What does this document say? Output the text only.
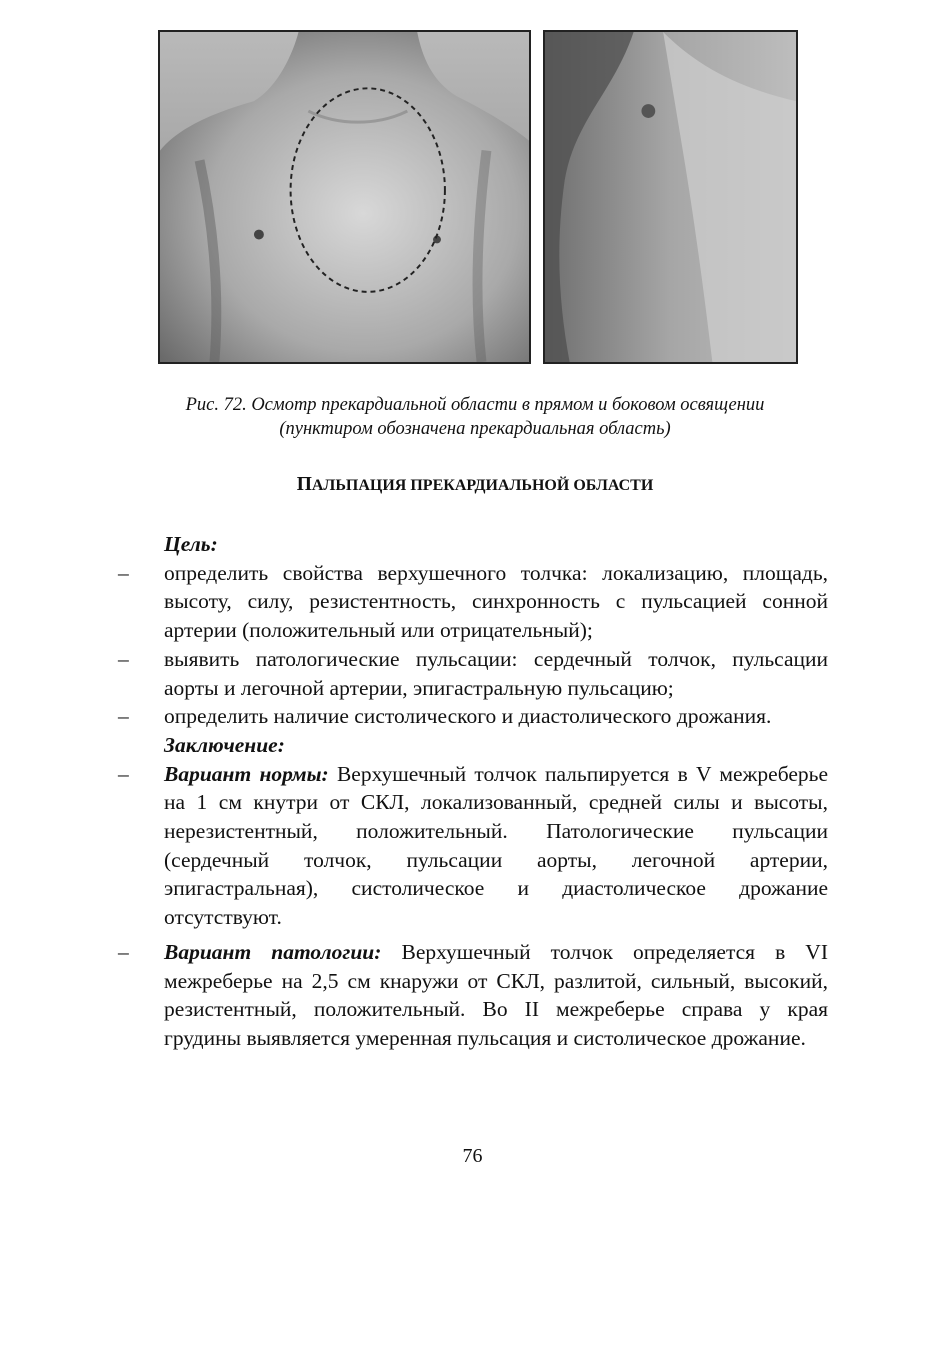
Рис. 72. Осмотр прекардиальной области в прямом и боковом освящении
(пунктиром обозначена прекардиальная область)
ПАЛЬПАЦИЯ ПРЕКАРДИАЛЬНОЙ ОБЛАСТИ
Цель:
– определить свойства верхушечного толчка: локализацию, площадь, высоту, силу, резистентность, синхронность с пульсацией сонной артерии (положительный или отрицательный);
– выявить патологические пульсации: сердечный толчок, пульсации аорты и легочной артерии, эпигастральную пульсацию;
– определить наличие систолического и диастолического дрожания.
Заключение:
– Вариант нормы: Верхушечный толчок пальпируется в V межреберье на 1 см кнутри от СКЛ, локализованный, средней силы и высоты, нерезистентный, положительный. Патологические пульсации (сердечный толчок, пульсации аорты, легочной артерии, эпигастральная), систолическое и диастолическое дрожание отсутствуют.
– Вариант патологии: Верхушечный толчок определяется в VI межреберье на 2,5 см кнаружи от СКЛ, разлитой, сильный, высокий, резистентный, положительный. Во II межреберье справа у края грудины выявляется умеренная пульсация и систолическое дрожание.
76
